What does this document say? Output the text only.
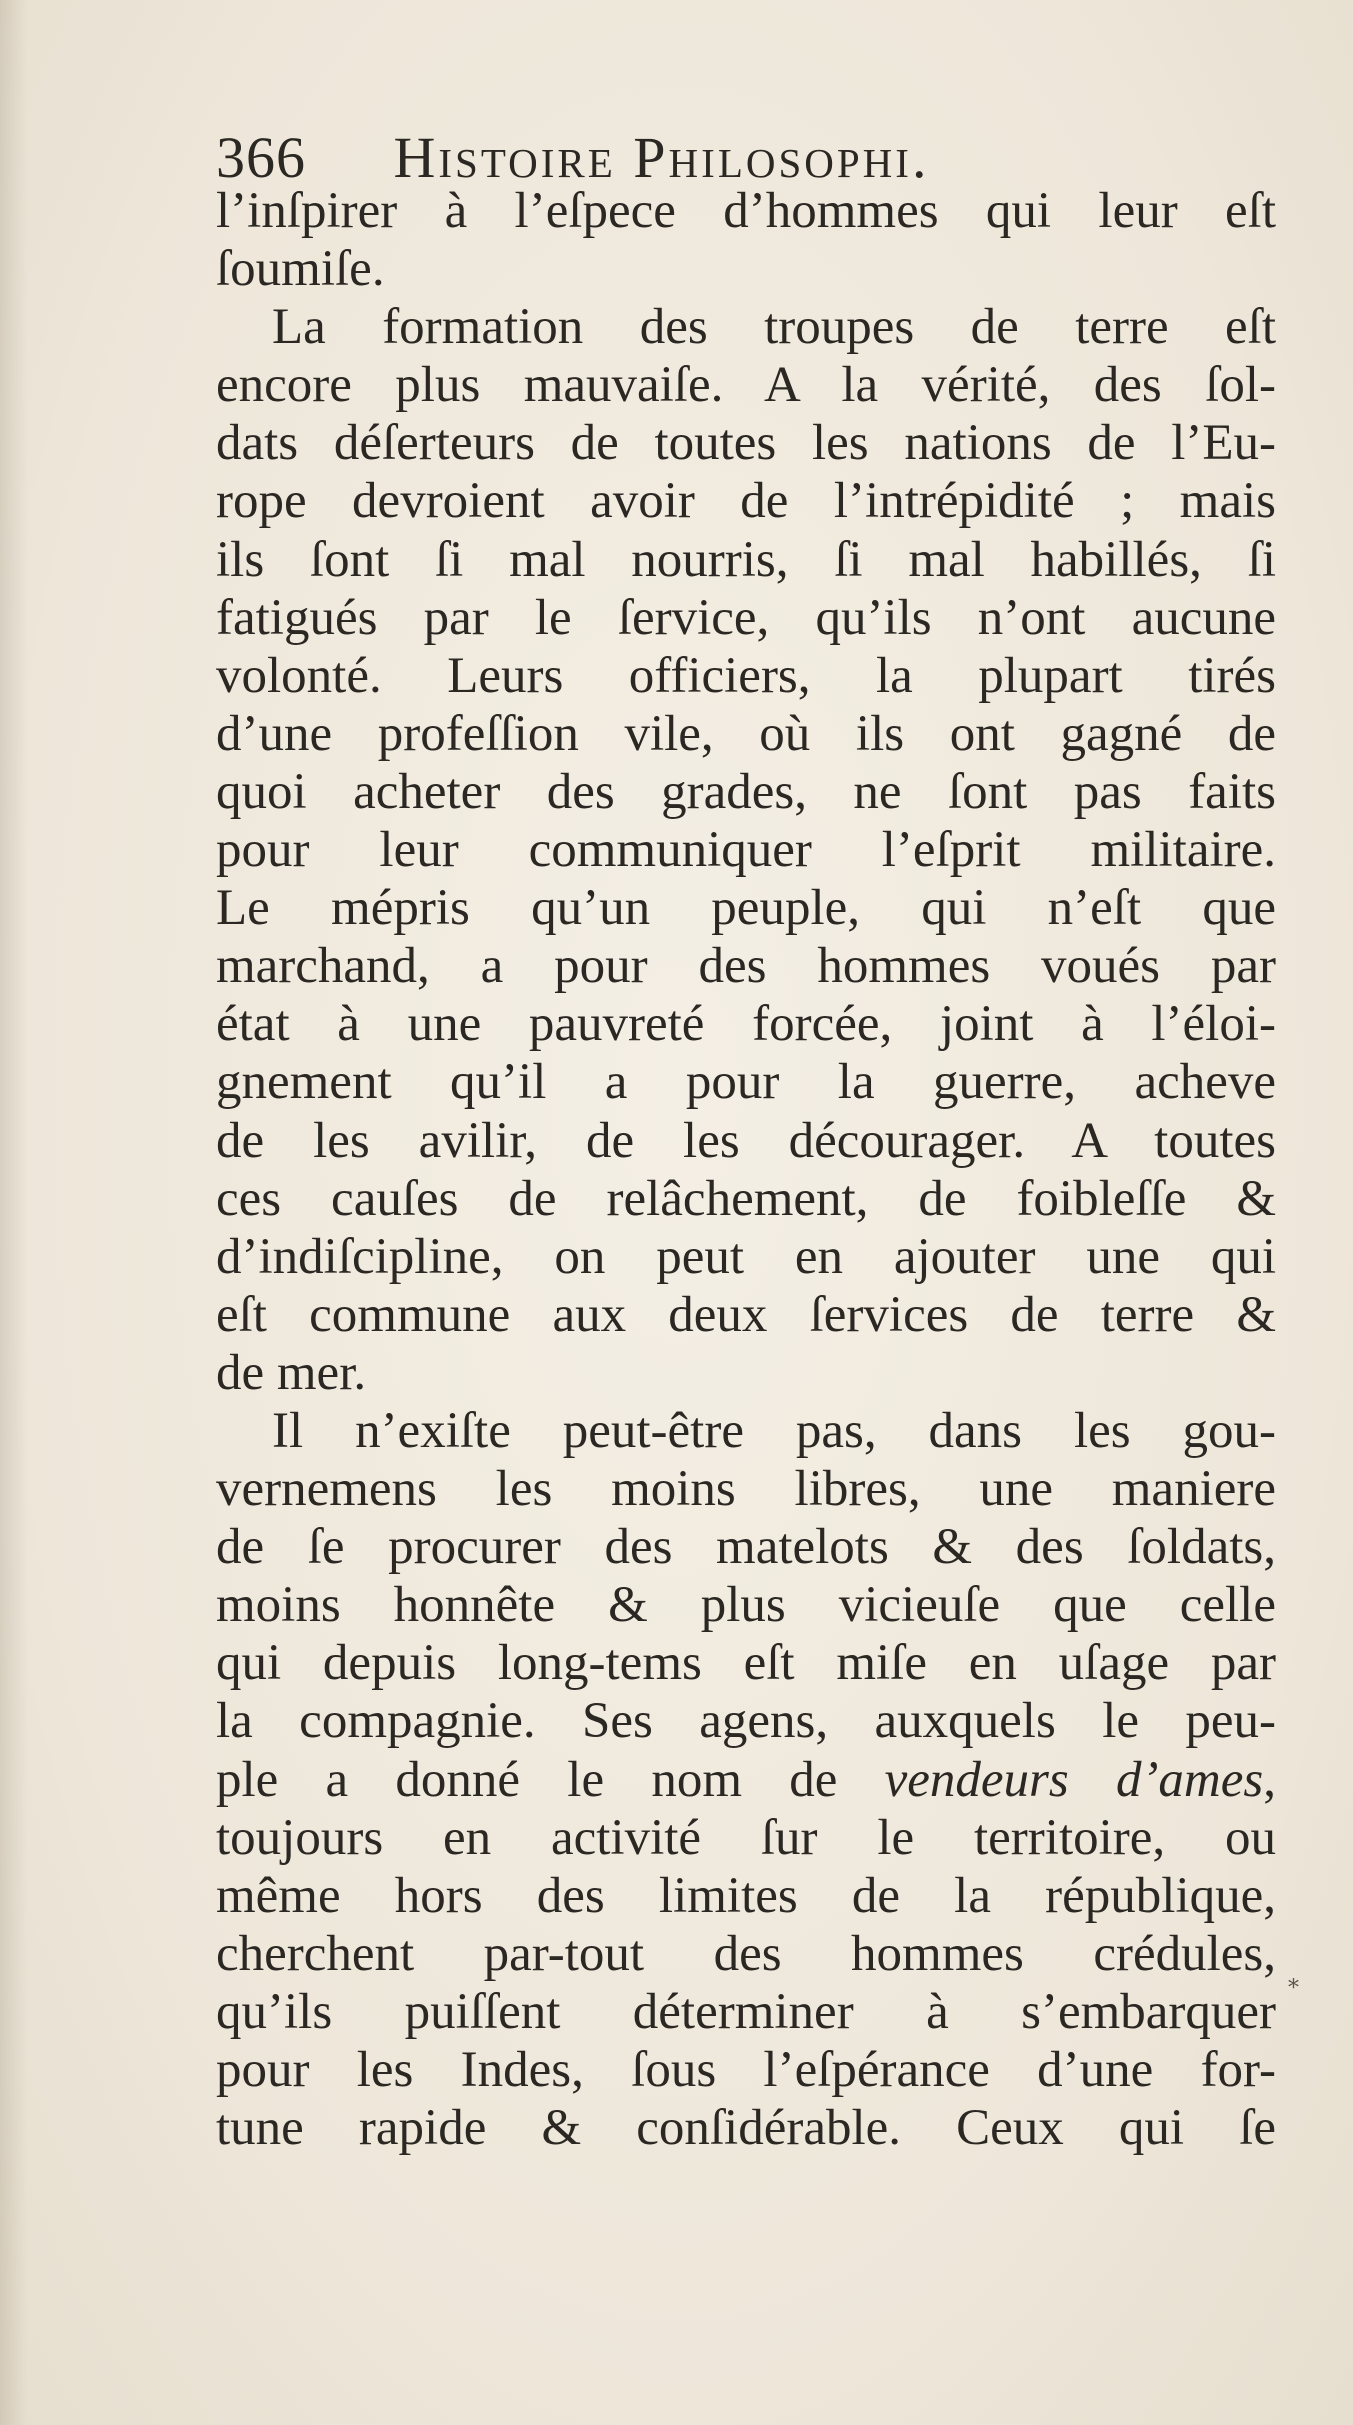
366 Histoire Philosophi.
l’inſpirer à l’eſpece d’hommes qui leur eſt
ſoumiſe.
La formation des troupes de terre eſt
encore plus mauvaiſe. A la vérité, des ſol-
dats déſerteurs de toutes les nations de l’Eu-
rope devroient avoir de l’intrépidité ; mais
ils ſont ſi mal nourris, ſi mal habillés, ſi
fatigués par le ſervice, qu’ils n’ont aucune
volonté. Leurs officiers, la plupart tirés
d’une profeſſion vile, où ils ont gagné de
quoi acheter des grades, ne ſont pas faits
pour leur communiquer l’eſprit militaire.
Le mépris qu’un peuple, qui n’eſt que
marchand, a pour des hommes voués par
état à une pauvreté forcée, joint à l’éloi-
gnement qu’il a pour la guerre, acheve
de les avilir, de les décourager. A toutes
ces cauſes de relâchement, de foibleſſe &
d’indiſcipline, on peut en ajouter une qui
eſt commune aux deux ſervices de terre &
de mer.
Il n’exiſte peut-être pas, dans les gou-
vernemens les moins libres, une maniere
de ſe procurer des matelots & des ſoldats,
moins honnête & plus vicieuſe que celle
qui depuis long-tems eſt miſe en uſage par
la compagnie. Ses agens, auxquels le peu-
ple a donné le nom de vendeurs d’ames,
toujours en activité ſur le territoire, ou
même hors des limites de la république,
cherchent par-tout des hommes crédules,
qu’ils puiſſent déterminer à s’embarquer
pour les Indes, ſous l’eſpérance d’une for-
tune rapide & conſidérable. Ceux qui ſe
*
